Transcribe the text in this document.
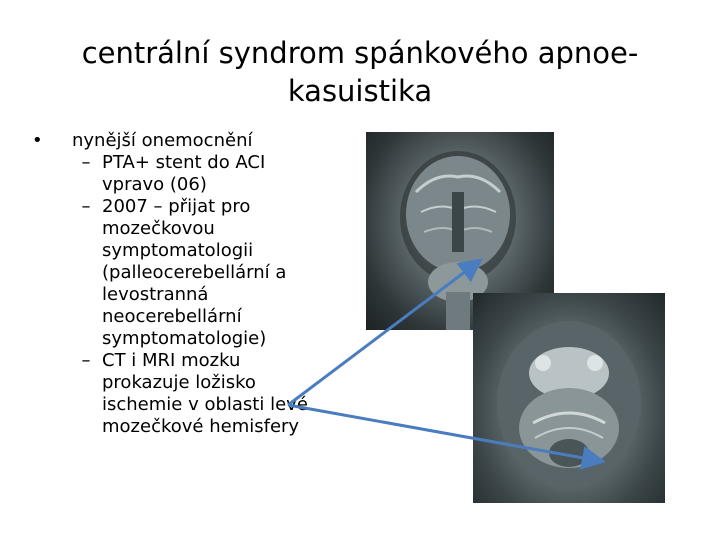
centrální syndrom spánkového apnoe-
kasuistika
•	nynější onemocnění
– PTA+ stent do ACI
vpravo (06)
– 2007 – přijat pro
mozečkovou
symptomatologii
(palleocerebellární a
levostranná
neocerebellární
symptomatologie)
– CT i MRI mozku
prokazuje ložisko
ischemie v oblasti levé
mozečkové hemisfery
